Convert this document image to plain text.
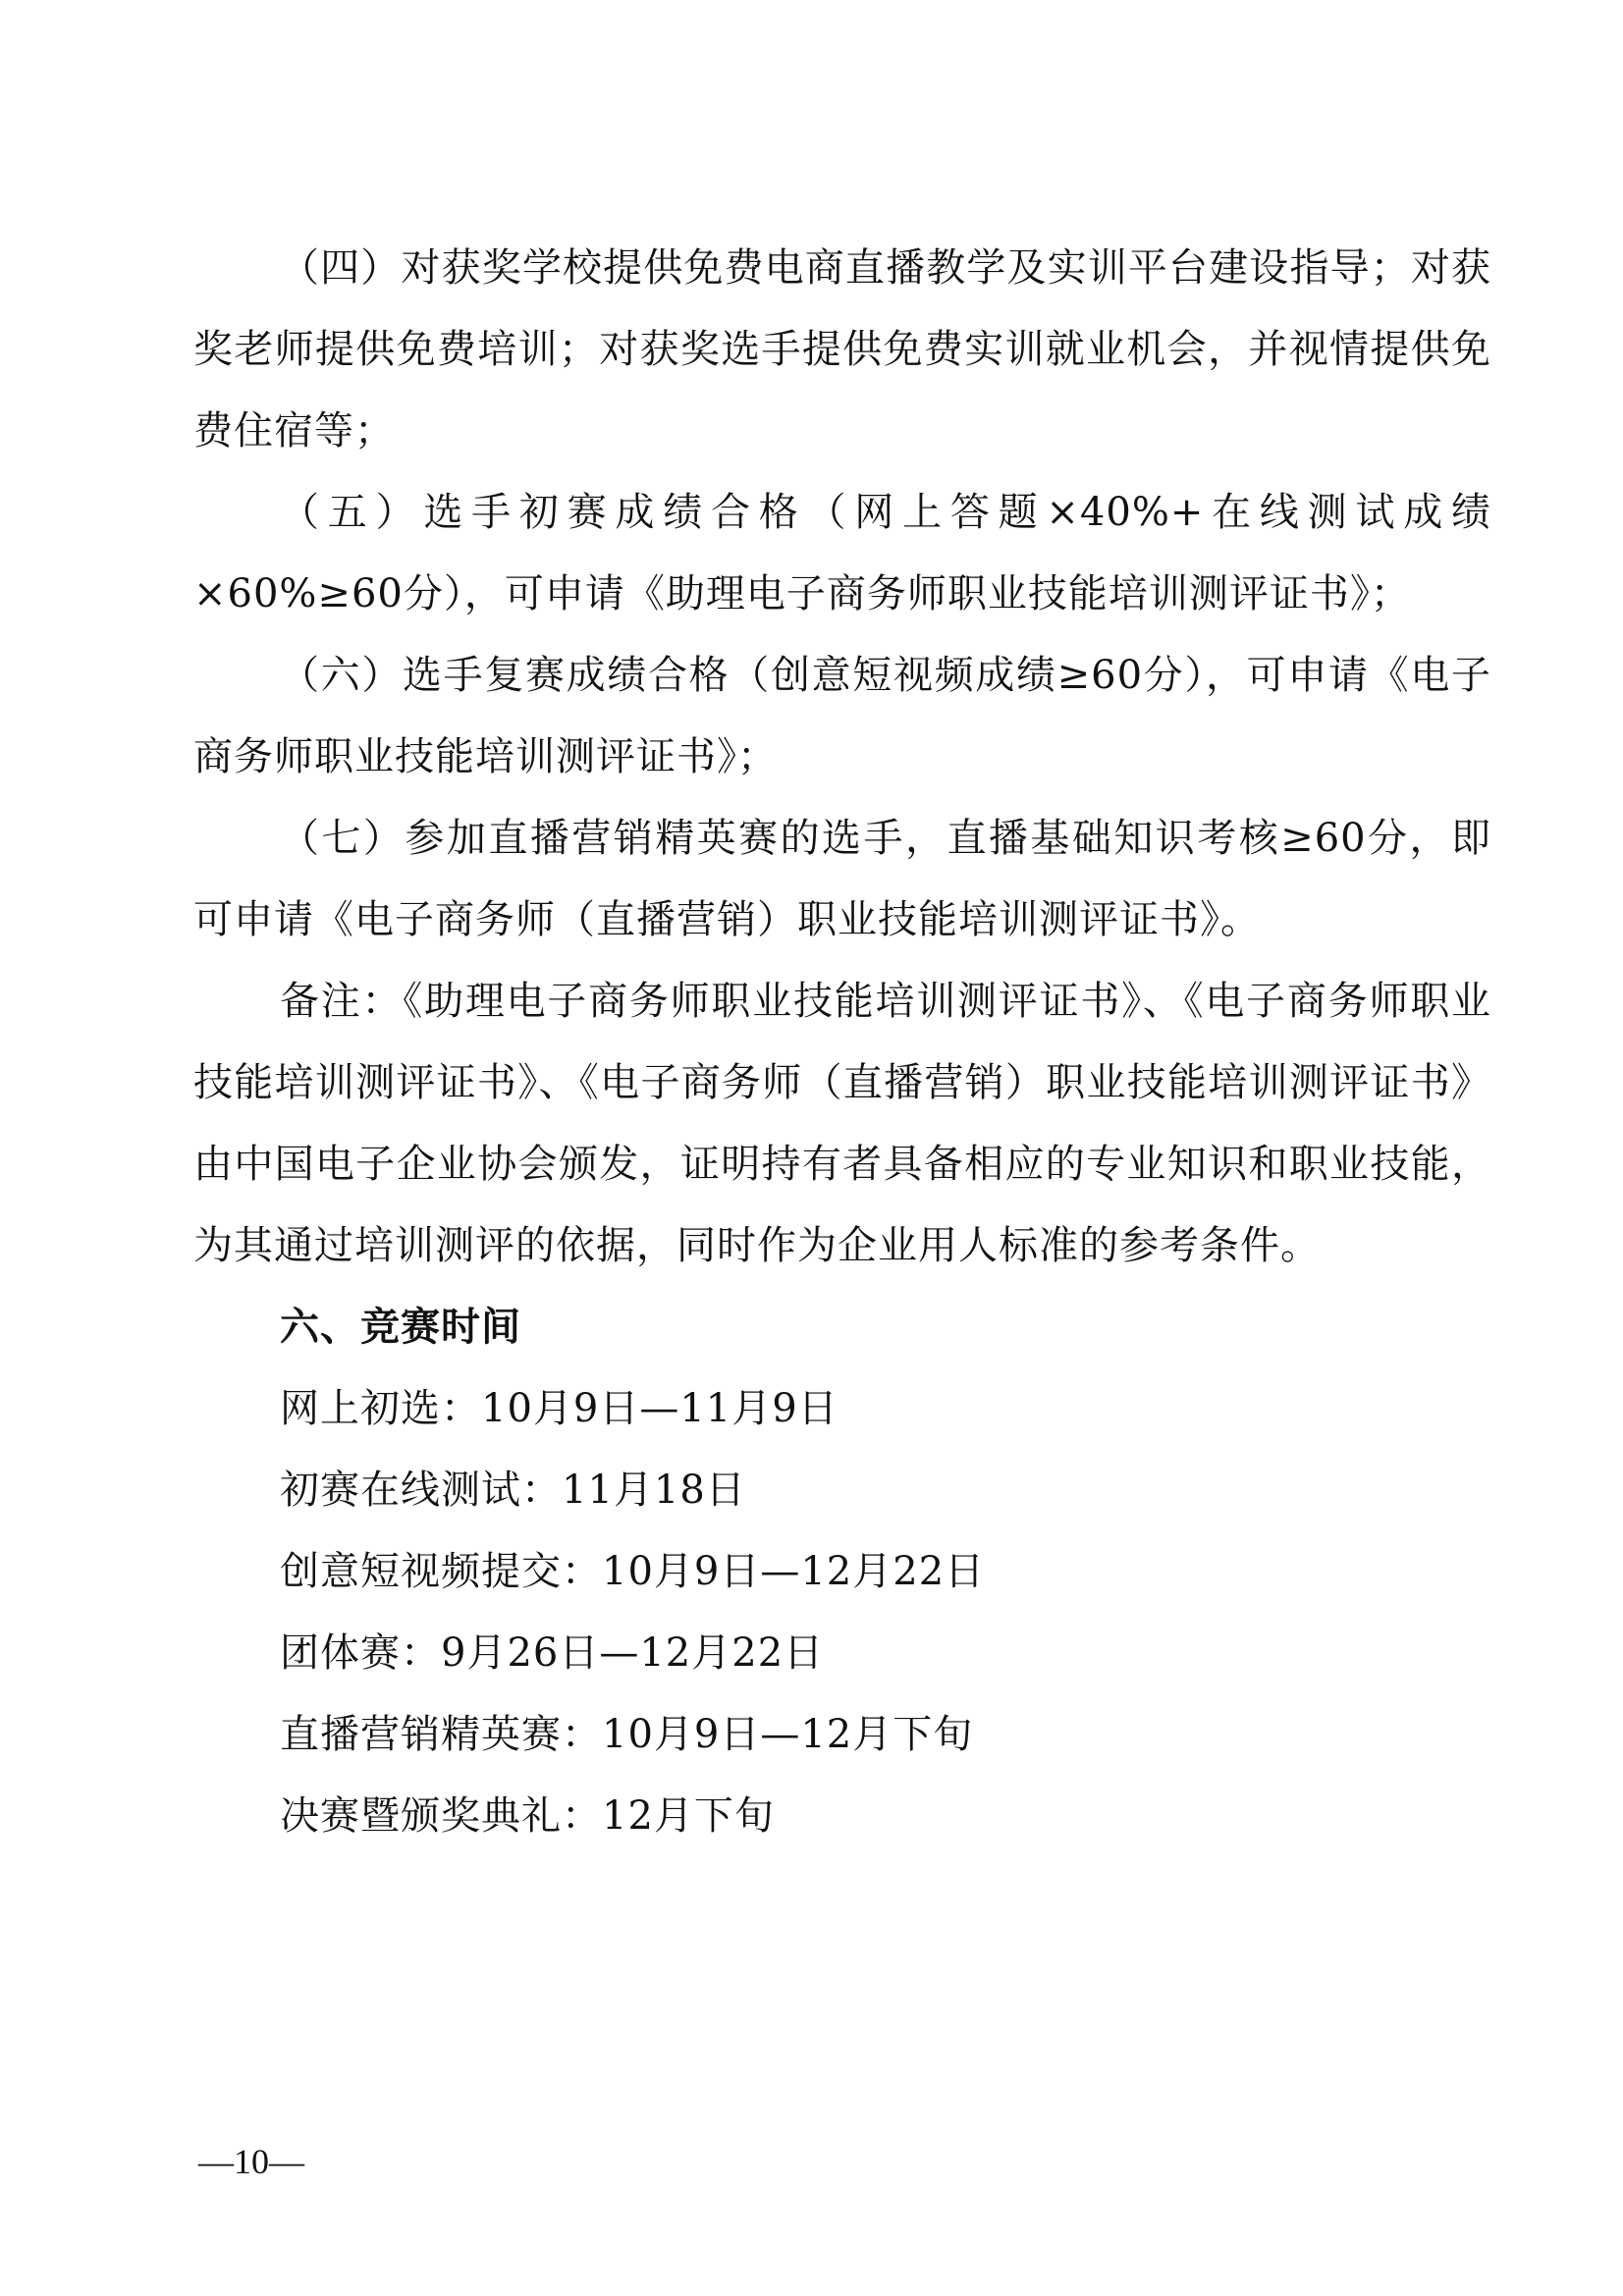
（四）对获奖学校提供免费电商直播教学及实训平台建设指导；对获奖老师提供免费培训；对获奖选手提供免费实训就业机会，并视情提供免费住宿等；

（五）选手初赛成绩合格（网上答题×40%+在线测试成绩×60%≥60分），可申请《助理电子商务师职业技能培训测评证书》；

（六）选手复赛成绩合格（创意短视频成绩≥60分），可申请《电子商务师职业技能培训测评证书》；

（七）参加直播营销精英赛的选手，直播基础知识考核≥60分，即可申请《电子商务师（直播营销）职业技能培训测评证书》。

备注：《助理电子商务师职业技能培训测评证书》、《电子商务师职业技能培训测评证书》、《电子商务师（直播营销）职业技能培训测评证书》由中国电子企业协会颁发，证明持有者具备相应的专业知识和职业技能，为其通过培训测评的依据，同时作为企业用人标准的参考条件。

六、竞赛时间

网上初选：10月9日—11月9日

初赛在线测试：11月18日

创意短视频提交：10月9日—12月22日

团体赛：9月26日—12月22日

直播营销精英赛：10月9日—12月下旬

决赛暨颁奖典礼：12月下旬

—10—
